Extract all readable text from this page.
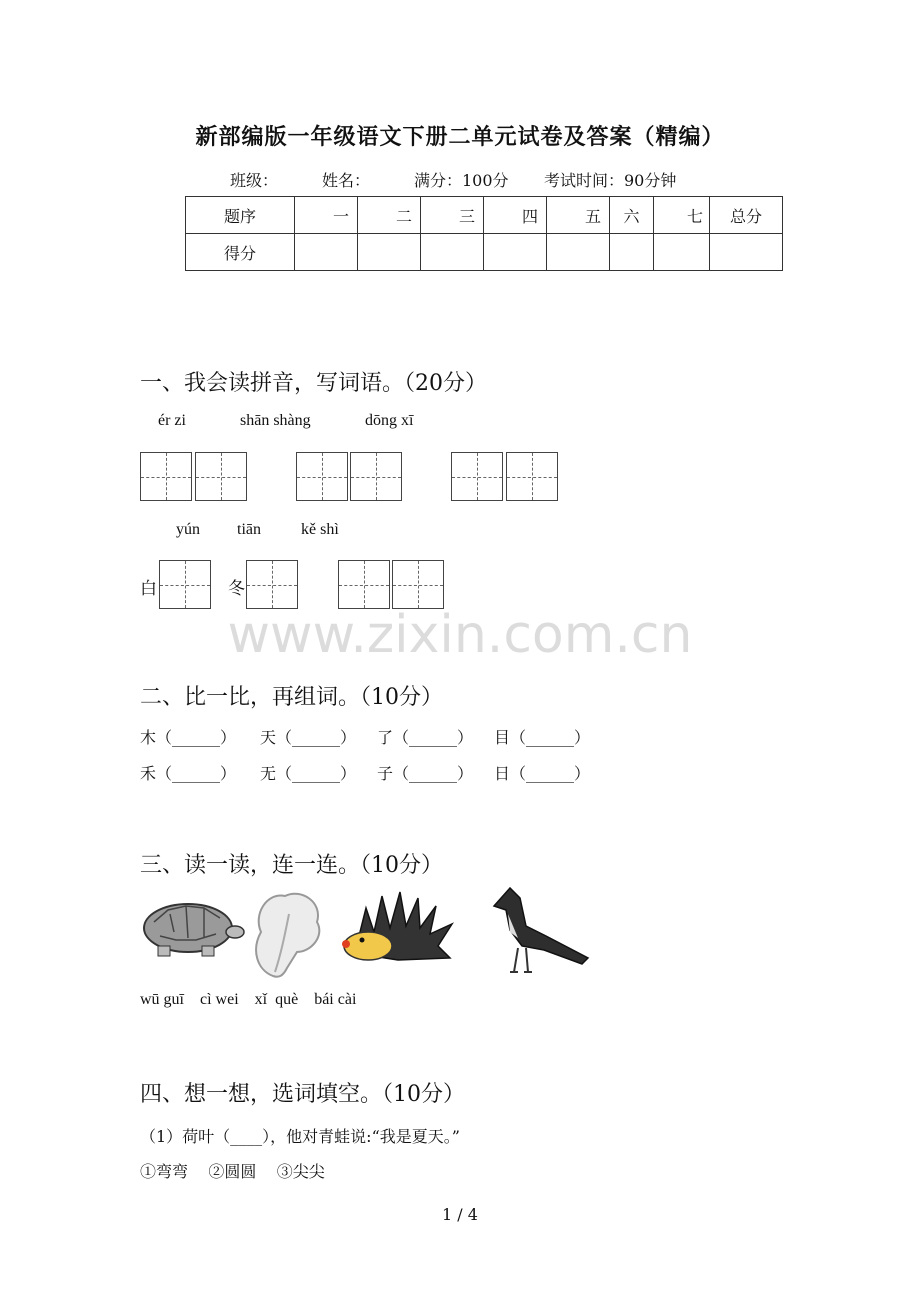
新部编版一年级语文下册二单元试卷及答案（精编）
班级：	姓名：	满分：100分 考试时间：90分钟
题序	一	二	三	四	五	六	七	总分
得分								
一、我会读拼音，写词语。（20分）
ér zi	shān shàng	dōng xī
yún tiān	kě shì
白	冬
www.zixin.com.cn
二、比一比，再组词。（10分）
木（______） 天（______） 了（______） 目（______）
禾（______） 无（______） 子（______） 日（______）
三、读一读，连一连。（10分）
wū guī    cì wei    xǐ  què    bái cài
四、想一想，选词填空。（10分）
（1）荷叶（____），他对青蛙说:“我是夏天。”
①弯弯    ②圆圆    ③尖尖
1 / 4
